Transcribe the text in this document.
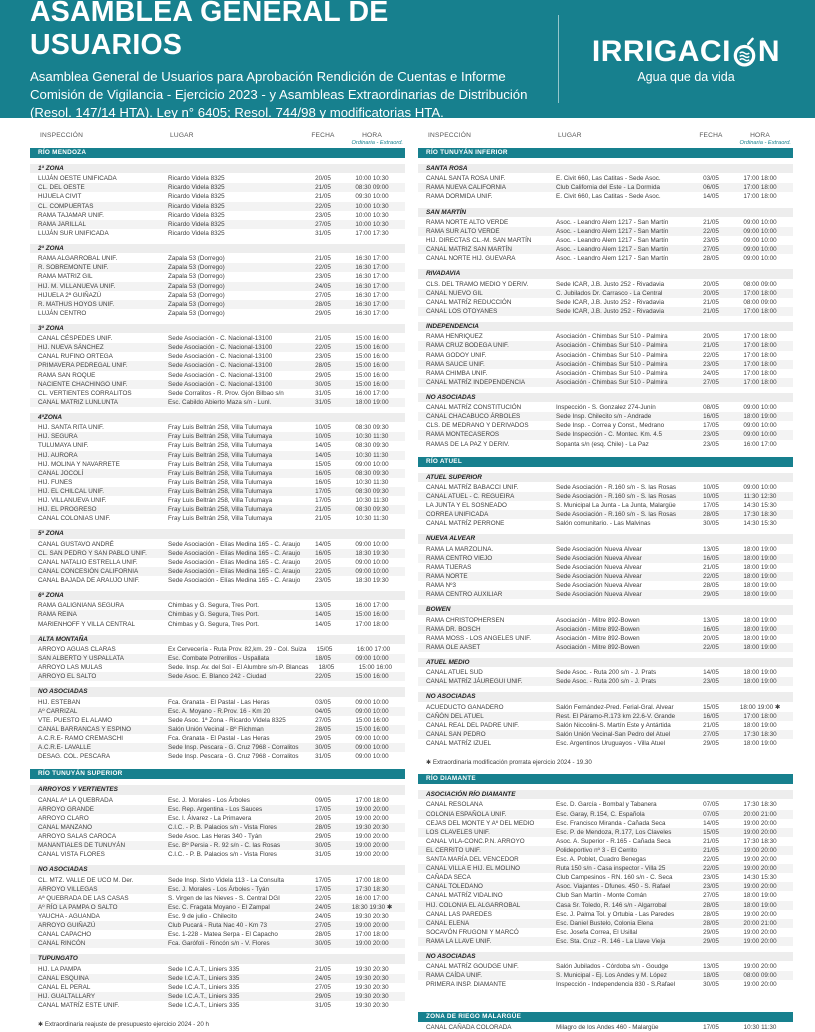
ASAMBLEA GENERAL DE USUARIOS

Asamblea General de Usuarios para Aprobación Rendición de Cuentas e Informe Comisión de Vigilancia - Ejercicio 2023 - y Asambleas Extraordinarias de Distribución (Resol. 147/14 HTA). Ley n° 6405; Resol. 744/98 y modificatorias HTA.

IRRIGACI N
Agua que da vida
INSPECCIÓN	LUGAR	FECHA	HORA
Ordinaria - Extraord.
RÍO MENDOZA
1ª ZONA
LUJÁN OESTE UNIFICADA	Ricardo Videla 8325	20/05	10:00 10:30
CL. DEL OESTE	Ricardo Videla 8325	21/05	08:30 09:00
HIJUELA CIVIT	Ricardo Videla 8325	21/05	09:30 10:00
CL. COMPUERTAS	Ricardo Videla 8325	22/05	10:00 10:30
RAMA TAJAMAR UNIF.	Ricardo Videla 8325	23/05	10:00 10:30
RAMA JARILLAL	Ricardo Videla 8325	27/05	10:00 10:30
LUJÁN SUR UNIFICADA	Ricardo Videla 8325	31/05	17:00 17:30
2ª ZONA
RAMA ALGARROBAL UNIF.	Zapala 53 (Dorrego)	21/05	16:30 17:00
R. SOBREMONTE UNIF.	Zapala 53 (Dorrego)	22/05	16:30 17:00
RAMA MATRIZ GIL	Zapala 53 (Dorrego)	23/05	16:30 17:00
HIJ. M. VILLANUEVA UNIF.	Zapala 53 (Dorrego)	24/05	16:30 17:00
HIJUELA 2ª GUIÑAZÚ	Zapala 53 (Dorrego)	27/05	16:30 17:00
R. MATHUS HOYOS UNIF.	Zapala 53 (Dorrego)	28/05	16:30 17:00
LUJÁN CENTRO	Zapala 53 (Dorrego)	29/05	16:30 17:00
3ª ZONA
CANAL CÉSPEDES UNIF.	Sede Asociación - C. Nacional-13100	21/05	15:00 16:00
HIJ. NUEVA SÁNCHEZ	Sede Asociación - C. Nacional-13100	22/05	15:00 16:00
CANAL RUFINO ORTEGA	Sede Asociación - C. Nacional-13100	23/05	15:00 16:00
PRIMAVERA PEDREGAL UNIF.	Sede Asociación - C. Nacional-13100	28/05	15:00 16:00
RAMA SAN ROQUE	Sede Asociación - C. Nacional-13100	29/05	15:00 16:00
NACIENTE CHACHINGO UNIF.	Sede Asociación - C. Nacional-13100	30/05	15:00 16:00
CL. VERTIENTES CORRALITOS	Sede Corralitos - R. Prov. Gjón Bilbao s/n	31/05	16:00 17:00
CANAL MATRIZ LUNLUNTA	Esc. Cabildo Abierto Maza s/n - Lunl.	31/05	18:00 19:00
4ªZONA
HIJ. SANTA RITA UNIF.	Fray Luis Beltrán 258, Villa Tulumaya	10/05	08:30 09:30
HIJ. SEGURA	Fray Luis Beltrán 258, Villa Tulumaya	10/05	10:30 11:30
TULUMAYA UNIF.	Fray Luis Beltrán 258, Villa Tulumaya	14/05	08:30 09:30
HIJ. AURORA	Fray Luis Beltrán 258, Villa Tulumaya	14/05	10:30 11:30
HIJ. MOLINA Y NAVARRETE	Fray Luis Beltrán 258, Villa Tulumaya	15/05	09:00 10:00
CANAL JOCOLÍ	Fray Luis Beltrán 258, Villa Tulumaya	16/05	08:30 09:30
HIJ. FUNES	Fray Luis Beltrán 258, Villa Tulumaya	16/05	10:30 11:30
HIJ. EL CHILCAL UNIF.	Fray Luis Beltrán 258, Villa Tulumaya	17/05	08:30 09:30
HIJ. VILLANUEVA UNIF.	Fray Luis Beltrán 258, Villa Tulumaya	17/05	10:30 11:30
HIJ. EL PROGRESO	Fray Luis Beltrán 258, Villa Tulumaya	21/05	08:30 09:30
CANAL COLONIAS UNIF.	Fray Luis Beltrán 258, Villa Tulumaya	21/05	10:30 11:30
5ª ZONA
CANAL GUSTAVO ANDRÉ	Sede Asociación - Elías Medina 165 - C. Araujo	14/05	09:00 10:00
CL. SAN PEDRO Y SAN PABLO UNIF.	Sede Asociación - Elías Medina 165 - C. Araujo	16/05	18:30 19:30
CANAL NATALIO ESTRELLA UNIF.	Sede Asociación - Elías Medina 165 - C. Araujo	20/05	09:00 10:00
CANAL CONCESIÓN CALIFORNIA	Sede Asociación - Elías Medina 165 - C. Araujo	22/05	09:00 10:00
CANAL BAJADA DE ARAUJO UNIF.	Sede Asociación - Elías Medina 165 - C. Araujo	23/05	18:30 19:30
6ª ZONA
RAMA GALIGNIANA SEGURA	Chimbas y G. Segura, Tres Port.	13/05	16:00 17:00
RAMA REINA	Chimbas y G. Segura, Tres Port.	14/05	15:00 16:00
MARIENHOFF Y VILLA CENTRAL	Chimbas y G. Segura, Tres Port.	14/05	17:00 18:00
ALTA MONTAÑA
ARROYO AGUAS CLARAS	Ex Cervecería - Ruta Prov. 82,km. 29 - Col. Suiza	15/05	16:00 17:00
SAN ALBERTO Y USPALLATA	Esc. Combate Potrerillos - Uspallata	18/05	09:00 10:00
ARROYO LAS MULAS	Sede. Insp. Av. del Sol - El Alumbre s/n-P. Blancas	18/05	15:00 16:00
ARROYO EL SALTO	Sede Asoc. E. Blanco 242 - Ciudad	22/05	15:00 16:00
NO ASOCIADAS
HIJ. ESTEBAN	Fca. Granata - El Pastal - Las Heras	03/05	09:00 10:00
Aº CARRIZAL	Esc. A. Moyano - R.Prov. 16 - Km 20	04/05	09:00 10:00
VTE. PUESTO EL ALAMO	Sede Asoc. 1ª Zona - Ricardo Videla 8325	27/05	15:00 16:00
CANAL BARRANCAS Y ESPINO	Salón Unión Vecinal - Bº Flichman	28/05	15:00 16:00
A.C.R.E- RAMO CREMASCHI	Fca. Granata - El Pastal - Las Heras	29/05	09:00 10:00
A.C.R.E- LAVALLE	Sede Insp. Pescara - G. Cruz 7968 - Corralitos	30/05	09:00 10:00
DESAG. COL. PESCARA	Sede Insp. Pescara - G. Cruz 7968 - Corralitos	31/05	09:00 10:00
RÍO TUNUYÁN SUPERIOR
ARROYOS Y VERTIENTES
CANAL Aª LA QUEBRADA	Esc. J. Morales - Los Árboles	09/05	17:00 18:00
ARROYO GRANDE	Esc. Rep. Argentina - Los Sauces	17/05	19:00 20:00
ARROYO CLARO	Esc. I. Álvarez - La Primavera	20/05	19:00 20:00
CANAL MANZANO	C.I.C. - P. B. Palacios s/n - Vista Flores	28/05	19:30 20:30
ARROYO SALAS CAROCA	Sede Asoc. Las Heras 340 - Tyán	29/05	19:00 20:00
MANANTIALES DE TUNUYÁN	Esc. Bº Persia - R. 92 s/n - C. las Rosas	30/05	19:00 20:00
CANAL VISTA FLORES	C.I.C. - P. B. Palacios s/n - Vista Flores	31/05	19:00 20:00
NO ASOCIADAS
CL. MTZ. VALLE DE UCO M. Der.	Sede Insp. Sixto Videla 113 - La Consulta	17/05	17:00 18:00
ARROYO VILLEGAS	Esc. J. Morales - Los Árboles - Tyán	17/05	17:30 18:30
Aª QUEBRADA DE LAS CASAS	S. Virgen de las Nieves - S. Central DGI	22/05	16:00 17:00
Aº RÍO LA PAMPA O SALTO	Esc. C. Fragata Moyano - El Zampal	24/05	18:30 19:30 ✱
YAUCHA - AGUANDA	Esc. 9 de julio - Chilecito	24/05	19:30 20:30
ARROYO GUIÑAZÚ	Club Pucará - Ruta Nac 40 - Km 73	27/05	19:00 20:00
CANAL CAPACHO	Esc. 1-228 - Matea Serpa - El Capacho	28/05	17:00 18:00
CANAL RINCÓN	Fca. Garófoli - Rincón s/n - V. Flores	30/05	19:00 20:00
TUPUNGATO
HIJ. LA PAMPA	Sede I.C.A.T., Liniers 335	21/05	19:30 20:30
CANAL ESQUINA	Sede I.C.A.T., Liniers 335	24/05	19:30 20:30
CANAL EL PERAL	Sede I.C.A.T., Liniers 335	27/05	19:30 20:30
HIJ. GUALTALLARY	Sede I.C.A.T., Liniers 335	29/05	19:30 20:30
CANAL MATRÍZ ESTE UNIF.	Sede I.C.A.T., Liniers 335	31/05	19:30 20:30
✱ Extraordinaria reajuste de presupuesto ejercicio 2024 - 20 h
INSPECCIÓN	LUGAR	FECHA	HORA
Ordinaria - Extraord.
RÍO TUNUYÁN INFERIOR
SANTA ROSA
CANAL SANTA ROSA UNIF.	E. Civit 660, Las Catitas - Sede Asoc.	03/05	17:00 18:00
RAMA NUEVA CALIFORNIA	Club California del Este - La Dormida	06/05	17:00 18:00
RAMA DORMIDA UNIF.	E. Civit 660, Las Catitas - Sede Asoc.	14/05	17:00 18:00
SAN MARTÍN
RAMA NORTE ALTO VERDE	Asoc. - Leandro Alem 1217 - San Martín	21/05	09:00 10:00
RAMA SUR ALTO VERDE	Asoc. - Leandro Alem 1217 - San Martín	22/05	09:00 10:00
HIJ. DIRECTAS CL.-M. SAN MARTÍN	Asoc. - Leandro Alem 1217 - San Martín	23/05	09:00 10:00
CANAL MATRIZ SAN MARTÍN	Asoc. - Leandro Alem 1217 - San Martín	27/05	09:00 10:00
CANAL NORTE HIJ. GUEVARA	Asoc. - Leandro Alem 1217 - San Martín	28/05	09:00 10:00
RIVADAVIA
CLS. DEL TRAMO MEDIO Y DERIV.	Sede ICAR, J.B. Justo 252 - Rivadavia	20/05	08:00 09:00
CANAL NUEVO GIL	C. Jubilados Dr. Carrasco - La Central	20/05	17:00 18:00
CANAL MATRÍZ REDUCCIÓN	Sede ICAR, J.B. Justo 252 - Rivadavia	21/05	08:00 09:00
CANAL LOS OTOYANES	Sede ICAR, J.B. Justo 252 - Rivadavia	21/05	17:00 18:00
INDEPENDENCIA
RAMA HENRIQUEZ	Asociación - Chimbas Sur 510 - Palmira	20/05	17:00 18:00
RAMA CRUZ BODEGA UNIF.	Asociación - Chimbas Sur 510 - Palmira	21/05	17:00 18:00
RAMA GODOY UNIF.	Asociación - Chimbas Sur 510 - Palmira	22/05	17:00 18:00
RAMA SAUCE UNIF.	Asociación - Chimbas Sur 510 - Palmira	23/05	17:00 18:00
RAMA CHIMBA UNIF.	Asociación - Chimbas Sur 510 - Palmira	24/05	17:00 18:00
CANAL MATRÍZ INDEPENDENCIA	Asociación - Chimbas Sur 510 - Palmira	27/05	17:00 18:00
NO ASOCIADAS
CANAL MATRÍZ CONSTITUCIÓN	Inspección - S. Gonzalez 274-Junín	08/05	09:00 10:00
CANAL CHACABUCO ÁRBOLES	Sede Insp. Chilecito s/n - Andrade	16/05	18:00 19:00
CLS. DE MEDRANO Y DERIVADOS	Sede Insp. - Correa y Const., Medrano	17/05	09:00 10:00
RAMA MONTECASEROS	Sede Inspección - C. Montec. Km. 4.5	23/05	09:00 10:00
RAMAS DE LA PAZ Y DERIV.	Sopanta s/n (esq. Chile) - La Paz	23/05	16:00 17:00
RÍO ATUEL
ATUEL SUPERIOR
CANAL MATRÍZ BABACCI UNIF.	Sede Asociación - R.160 s/n - S. las Rosas	10/05	09:00 10:00
CANAL ATUEL - C. REGUEIRA	Sede Asociación - R.160 s/n - S. las Rosas	10/05	11:30 12:30
LA JUNTA Y EL SOSNEADO	S. Municipal La Junta - La Junta, Malargüe	17/05	14:30 15:30
CORREA UNIFICADA	Sede Asociación - R.160 s/n - S. las Rosas	28/05	17:30 18:30
CANAL MATRÍZ PERRONE	Salón comunitario. - Las Malvinas	30/05	14:30 15:30
NUEVA ALVEAR
RAMA LA MARZOLINA.	Sede Asociación Nueva Alvear	13/05	18:00 19:00
RAMA CENTRO VIEJO	Sede Asociación Nueva Alvear	16/05	18:00 19:00
RAMA TIJERAS	Sede Asociación Nueva Alvear	21/05	18:00 19:00
RAMA NORTE	Sede Asociación Nueva Alvear	22/05	18:00 19:00
RAMA Nº3	Sede Asociación Nueva Alvear	28/05	18:00 19:00
RAMA CENTRO AUXILIAR	Sede Asociación Nueva Alvear	29/05	18:00 19:00
BOWEN
RAMA CHRISTOPHERSEN	Asociación - Mitre 892-Bowen	13/05	18:00 19:00
RAMA DR. BOSCH	Asociación - Mitre 892-Bowen	16/05	18:00 19:00
RAMA MOSS - LOS ANGELES UNIF.	Asociación - Mitre 892-Bowen	20/05	18:00 19:00
RAMA OLE AASET	Asociación - Mitre 892-Bowen	22/05	18:00 19:00
ATUEL MEDIO
CANAL ATUEL SUD	Sede Asoc. - Ruta 200 s/n - J. Prats	14/05	18:00 19:00
CANAL MATRÍZ JÁUREGUI UNIF.	Sede Asoc. - Ruta 200 s/n - J. Prats	23/05	18:00 19:00
NO ASOCIADAS
ACUEDUCTO GANADERO	Salón Fernández-Pred. Ferial-Gral. Alvear	15/05	18:00 19:00 ✱
CAÑÓN DEL ATUEL	Rest. El Páramo-R.173 km 22.6-V. Grande	16/05	17:00 18:00
CANAL REAL DEL PADRE UNIF.	Salón Niccolini-S. Martín Este y Antártida	21/05	18:00 19:00
CANAL SAN PEDRO	Salón Unión Vecinal-San Pedro del Atuel	27/05	17:30 18:30
CANAL MATRÍZ IZUEL	Esc. Argentinos Uruguayos - Villa Atuel	29/05	18:00 19:00
✱ Extraordinaria modificación prorrata ejercicio 2024 - 19.30
RÍO DIAMANTE
ASOCIACIÓN RÍO DIAMANTE
CANAL RESOLANA	Esc. D. García - Bombal y Tabanera	07/05	17:30 18:30
COLONIA ESPAÑOLA UNIF.	Esc. Garay, R.154, C. Española	07/05	20:00 21:00
CEJAS DEL MONTE Y Aº DEL MEDIO	Esc. Francisco Miranda - Cañada Seca	14/05	19:00 20:00
LOS CLAVELES UNIF.	Esc. P. de Mendoza, R.177, Los Claveles	15/05	19:00 20:00
CANAL VILA-CONC.P.N. ARROYO	Asoc. A. Superior - R.165 - Cañada Seca	21/05	17:30 18:30
EL CERRITO UNIF.	Polideportivo nº 3 - El Cerrito	21/05	19:00 20:00
SANTA MARÍA DEL VENCEDOR	Esc. A. Poblet, Cuadro Benegas	22/05	19:00 20:00
CANAL VILLA E HIJ. EL MOLINO	Ruta 150 s/n - Casa inspector - Villa 25	22/05	19:00 20:00
CAÑADA SECA	Club Campesinos - RN. 160 s/n - C. Seca	23/05	14:30 15:30
CANAL TOLEDANO	Asoc. Viajantes - Dfunes. 450 - S. Rafael	23/05	19:00 20:00
CANAL MATRÍZ VIDALINO	Club San Martín - Monte Comán	27/05	18:00 19:00
HIJ. COLONIA EL ALGARROBAL	Casa Sr. Toledo, R. 146 s/n - Algarrobal	28/05	18:00 19:00
CANAL LAS PAREDES	Esc. J. Palma Tol. y Ortubia - Las Paredes	28/05	19:00 20:00
CANAL ELENA	Esc. Daniel Bustelo, Colonia Elena	28/05	20:00 21:00
SOCAVÓN FRUGONI Y MARCÓ	Esc. Josefa Correa, El Usillal	29/05	19:00 20:00
RAMA LA LLAVE UNIF.	Esc. Sta. Cruz - R. 146 - La Llave Vieja	29/05	19:00 20:00
NO ASOCIADAS
CANAL MATRÍZ GOUDGE UNIF.	Salón Jubilados - Córdoba s/n - Goudge	13/05	19:00 20:00
RAMA CAÍDA UNIF.	S. Municipal - Ej. Los Andes y M. López	18/05	08:00 09:00
PRIMERA INSP. DIAMANTE	Inspección - Independencia 830 - S.Rafael	30/05	19:00 20:00
ZONA DE RIEGO MALARGÜE
CANAL CAÑADA COLORADA	Milagro de los Andes 460 - Malargüe	17/05	10:30 11:30
